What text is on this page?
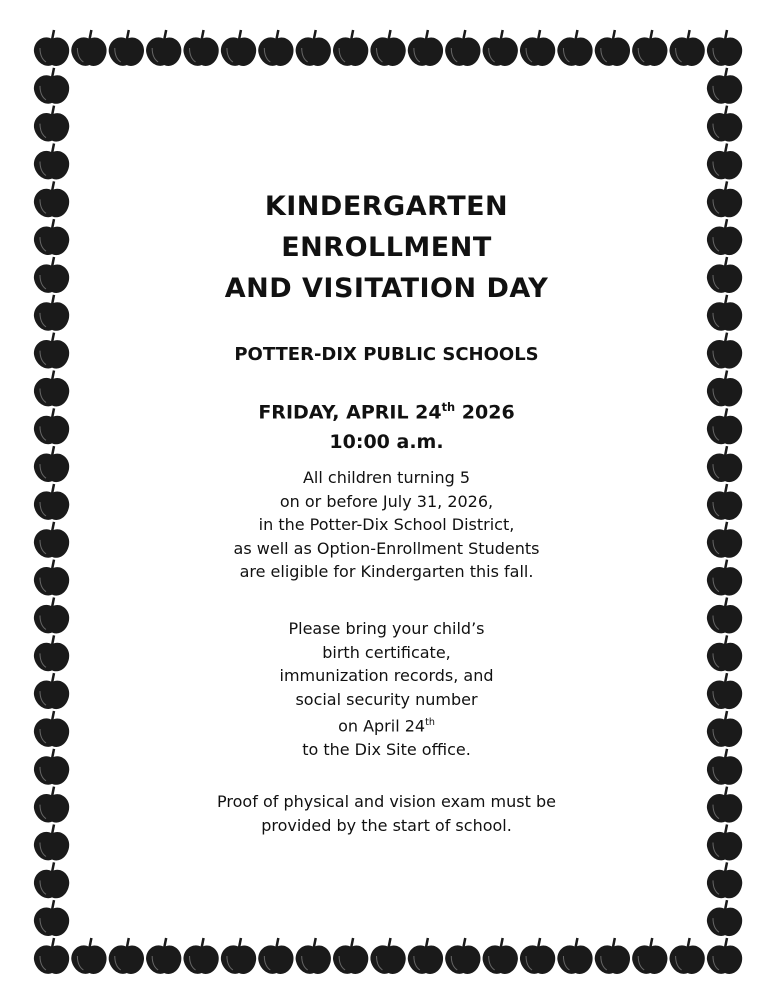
KINDERGARTEN
ENROLLMENT
AND VISITATION DAY
POTTER-DIX PUBLIC SCHOOLS
FRIDAY, APRIL 24th 2026
10:00 a.m.
All children turning 5
on or before July 31, 2026,
in the Potter-Dix School District,
as well as Option-Enrollment Students
are eligible for Kindergarten this fall.
Please bring your child’s
birth certificate,
immunization records, and
social security number
on April 24th
to the Dix Site office.
Proof of physical and vision exam must be
provided by the start of school.
